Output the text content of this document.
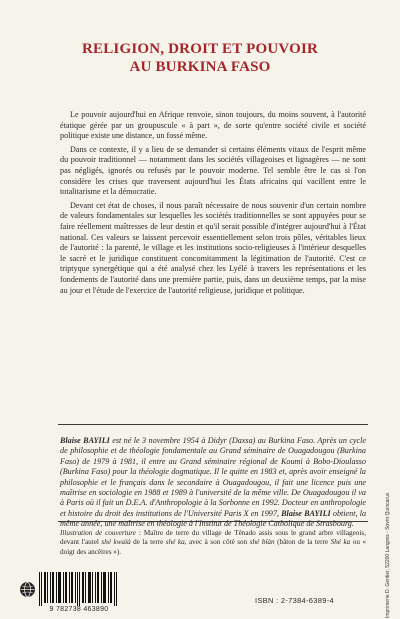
RELIGION, DROIT ET POUVOIR
AU BURKINA FASO

Le pouvoir aujourd'hui en Afrique renvoie, sinon toujours, du moins souvent, à l'autorité étatique gérée par un groupuscule « à part », de sorte qu'entre société civile et société politique existe une distance, un fossé même.

Dans ce contexte, il y a lieu de se demander si certains éléments vitaux de l'esprit même du pouvoir traditionnel — notamment dans les sociétés villageoises et lignagères — ne sont pas négligés, ignorés ou refusés par le pouvoir moderne. Tel semble être le cas si l'on considère les crises que traversent aujourd'hui les États africains qui vacillent entre le totalitarisme et la démocratie.

Devant cet état de choses, il nous paraît nécessaire de nous souvenir d'un certain nombre de valeurs fondamentales sur lesquelles les sociétés traditionnelles se sont appuyées pour se faire réellement maîtresses de leur destin et qu'il serait possible d'intégrer aujourd'hui à l'État national. Ces valeurs se laissent percevoir essentiellement selon trois pôles, véritables lieux de l'autorité : la parenté, le village et les institutions socio-religieuses à l'intérieur desquelles le sacré et le juridique constituent concomitamment la légitimation de l'autorité. C'est ce triptyque synergétique qui a été analysé chez les Lyélé à travers les représentations et les fondements de l'autorité dans une première partie, puis, dans un deuxième temps, par la mise au jour et l'étude de l'exercice de l'autorité religieuse, juridique et politique.

Blaise BAYILI est né le 3 novembre 1954 à Didyr (Daxsa) au Burkina Faso. Après un cycle de philosophie et de théologie fondamentale au Grand séminaire de Ouagadougou (Burkina Faso) de 1979 à 1981, il entre au Grand séminaire régional de Koumi à Bobo-Dioulasso (Burkina Faso) pour la théologie dogmatique. Il le quitte en 1983 et, après avoir enseigné la philosophie et le français dans le secondaire à Ouagadougou, il fait une licence puis une maîtrise en sociologie en 1988 et 1989 à l'université de la même ville. De Ouagadougou il va à Paris où il fait un D.E.A. d'Anthropologie à la Sorbonne en 1992. Docteur en anthropologie et histoire du droit des institutions de l'Université Paris X en 1997, Blaise BAYILI obtient, la même année, une maîtrise en théologie à l'Institut de Théologie Catholique de Strasbourg.
Illustration de couverture : Maître de terre du village de Ténado assis sous le grand arbre villageois, devant l'autel shé kwaïà de la terre shé ka, avec à son côté son shé bïàn (bâton de la terre Shé ka ou « doigt des ancêtres »).
9 782738 463890
ISBN : 2-7384-6389-4	Imprimerie D. Gentier, 52200 Langres - Sovrn Quincarux
